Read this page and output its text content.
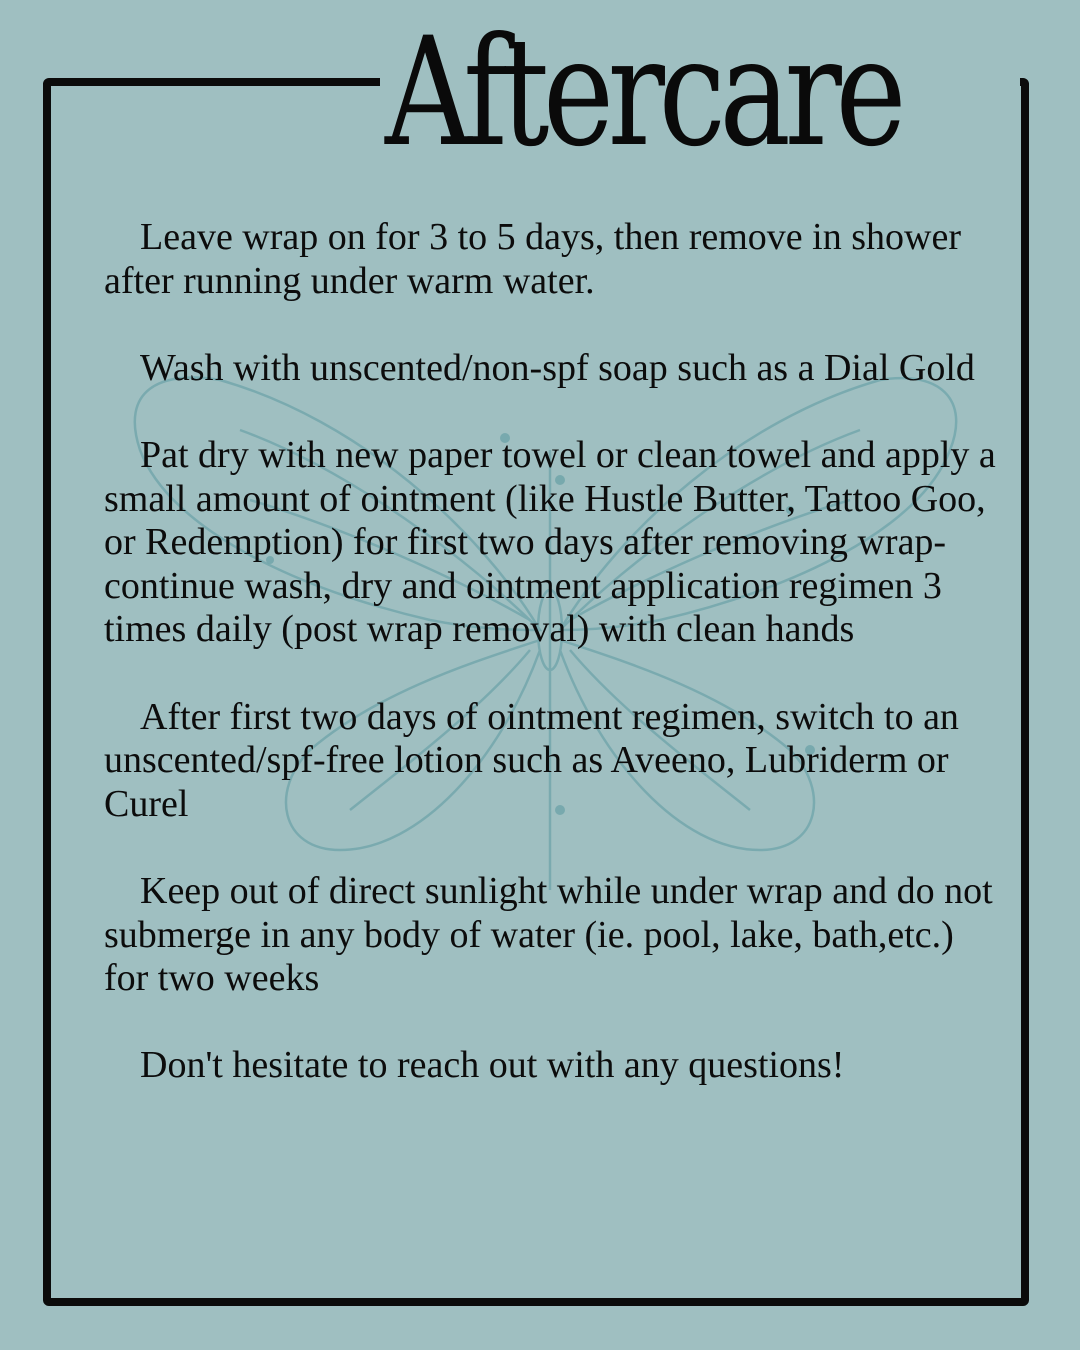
Aftercare

Leave wrap on for 3 to 5 days, then remove in shower after running under warm water.

Wash with unscented/non-spf soap such as a Dial Gold

Pat dry with new paper towel or clean towel and apply a small amount of ointment (like Hustle Butter, Tattoo Goo, or Redemption) for first two days after removing wrap- continue wash, dry and ointment application regimen 3 times daily (post wrap removal) with clean hands

After first two days of ointment regimen, switch to an unscented/spf-free lotion such as Aveeno, Lubriderm or Curel

Keep out of direct sunlight while under wrap and do not submerge in any body of water (ie. pool, lake, bath,etc.) for two weeks

Don't hesitate to reach out with any questions!
